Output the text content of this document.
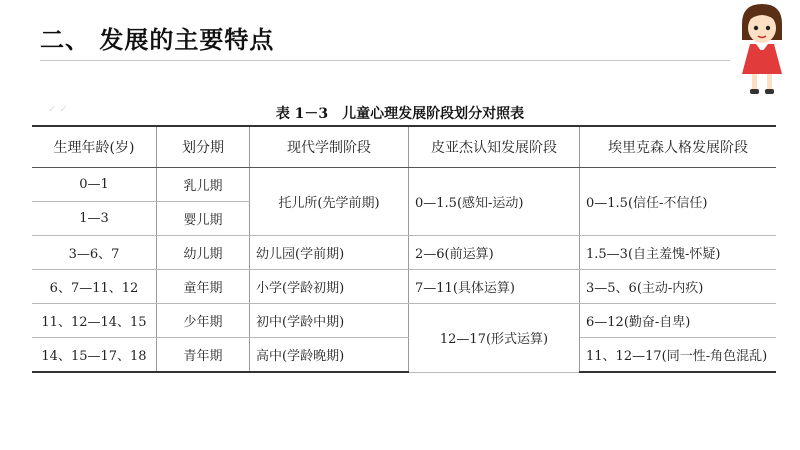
二、 发展的主要特点
✓ ✓	表 1－3　儿童心理发展阶段划分对照表
生理年龄(岁)	划分期	现代学制阶段	皮亚杰认知发展阶段	埃里克森人格发展阶段
0—1	乳儿期	托儿所(先学前期)	0—1.5(感知-运动)	0—1.5(信任-不信任)
1—3	婴儿期			
3—6、7	幼儿期	幼儿园(学前期)	2—6(前运算)	1.5—3(自主羞愧-怀疑)
6、7—11、12	童年期	小学(学龄初期)	7—11(具体运算)	3—5、6(主动-内疚)
11、12—14、15	少年期	初中(学龄中期)	12—17(形式运算)	6—12(勤奋-自卑)
14、15—17、18	青年期	高中(学龄晚期)		11、12—17(同一性-角色混乱)
